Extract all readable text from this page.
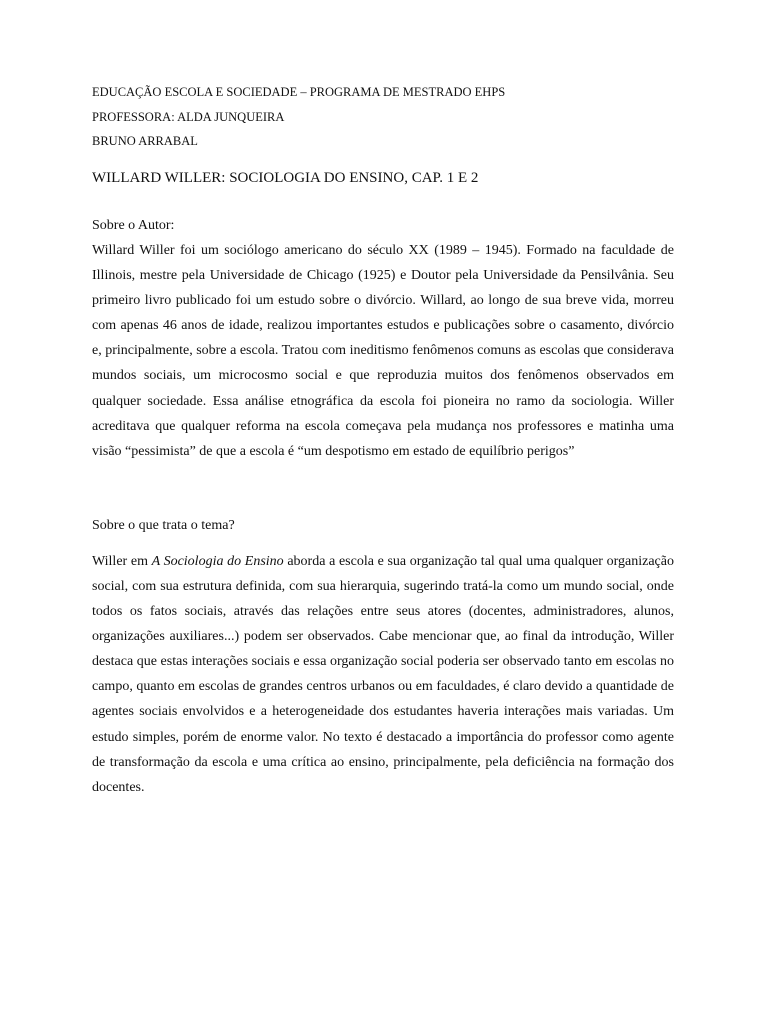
EDUCAÇÃO ESCOLA E SOCIEDADE – PROGRAMA DE MESTRADO EHPS
PROFESSORA: ALDA JUNQUEIRA
BRUNO ARRABAL
WILLARD WILLER: SOCIOLOGIA DO ENSINO, CAP. 1 E 2
Sobre o Autor:

Willard Willer foi um sociólogo americano do século XX (1989 – 1945). Formado na faculdade de Illinois, mestre pela Universidade de Chicago (1925) e Doutor pela Universidade da Pensilvânia. Seu primeiro livro publicado foi um estudo sobre o divórcio. Willard, ao longo de sua breve vida, morreu com apenas 46 anos de idade, realizou importantes estudos e publicações sobre o casamento, divórcio e, principalmente, sobre a escola. Tratou com ineditismo fenômenos comuns as escolas que considerava mundos sociais, um microcosmo social e que reproduzia muitos dos fenômenos observados em qualquer sociedade. Essa análise etnográfica da escola foi pioneira no ramo da sociologia. Willer acreditava que qualquer reforma na escola começava pela mudança nos professores e matinha uma visão “pessimista” de que a escola é “um despotismo em estado de equilíbrio perigos”

Sobre o que trata o tema?

Willer em A Sociologia do Ensino aborda a escola e sua organização tal qual uma qualquer organização social, com sua estrutura definida, com sua hierarquia, sugerindo tratá-la como um mundo social, onde todos os fatos sociais, através das relações entre seus atores (docentes, administradores, alunos, organizações auxiliares...) podem ser observados. Cabe mencionar que, ao final da introdução, Willer destaca que estas interações sociais e essa organização social poderia ser observado tanto em escolas no campo, quanto em escolas de grandes centros urbanos ou em faculdades, é claro devido a quantidade de agentes sociais envolvidos e a heterogeneidade dos estudantes haveria interações mais variadas. Um estudo simples, porém de enorme valor. No texto é destacado a importância do professor como agente de transformação da escola e uma crítica ao ensino, principalmente, pela deficiência na formação dos docentes.
